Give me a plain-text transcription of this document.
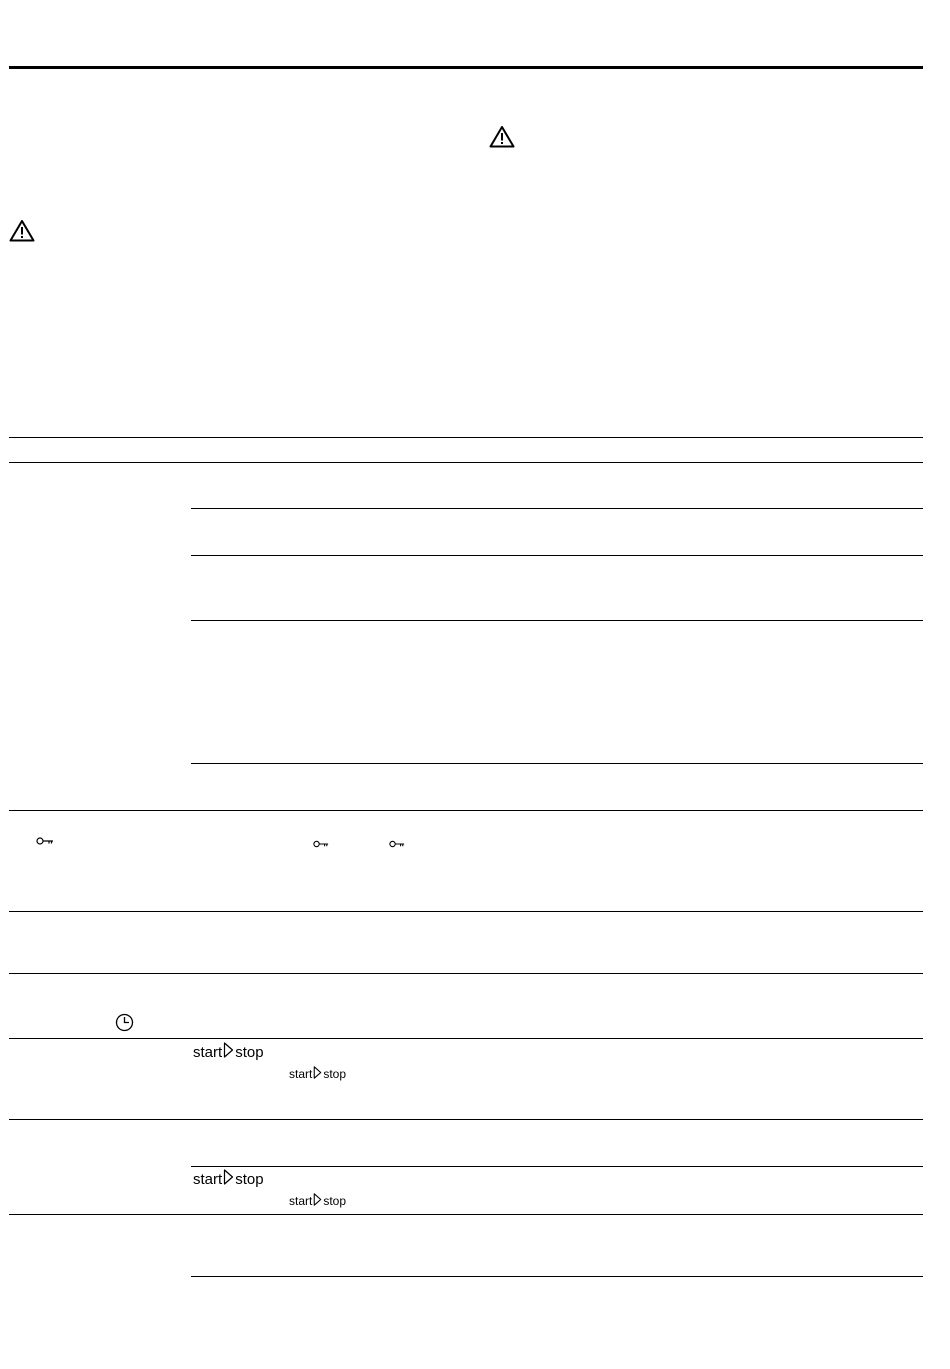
start stop
start stop
start stop
start stop
